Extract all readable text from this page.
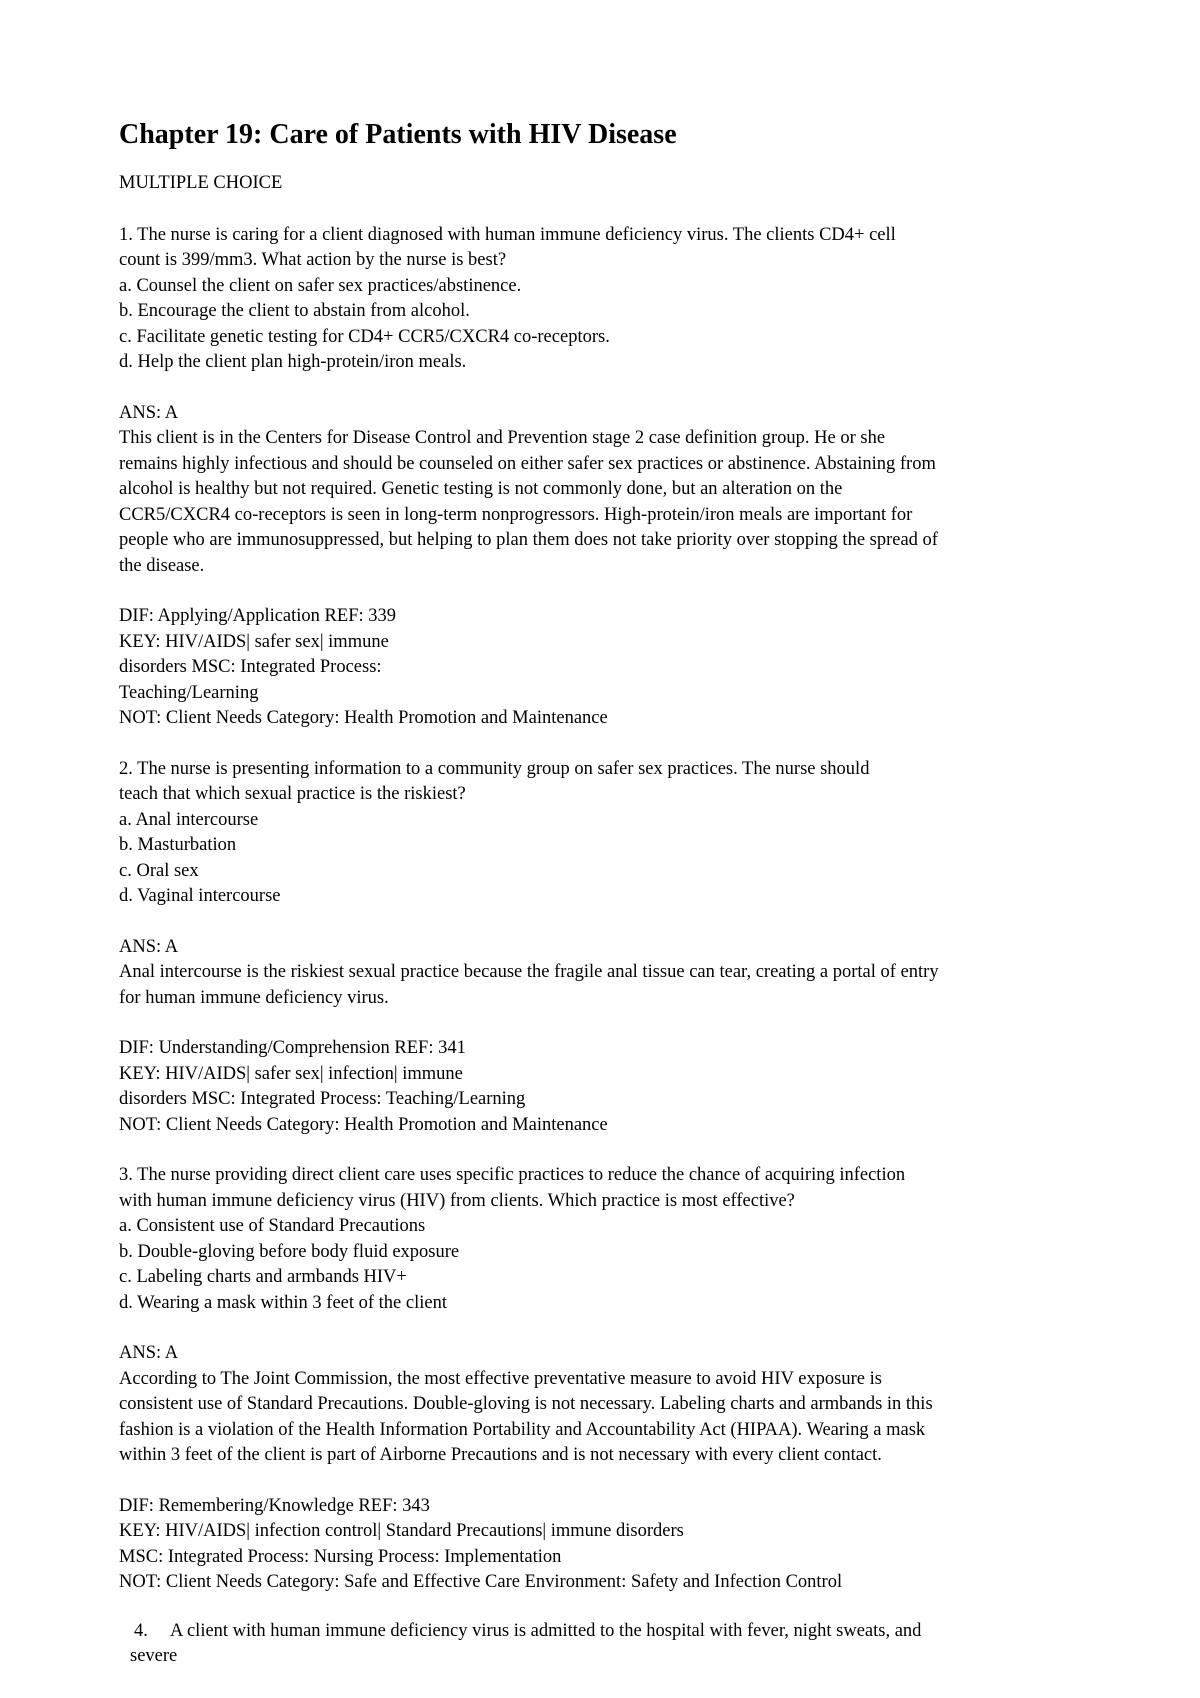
Chapter 19: Care of Patients with HIV Disease
MULTIPLE CHOICE
1. The nurse is caring for a client diagnosed with human immune deficiency virus. The clients CD4+ cell
count is 399/mm3. What action by the nurse is best?
a. Counsel the client on safer sex practices/abstinence.
b. Encourage the client to abstain from alcohol.
c. Facilitate genetic testing for CD4+ CCR5/CXCR4 co-receptors.
d. Help the client plan high-protein/iron meals.
ANS: A
This client is in the Centers for Disease Control and Prevention stage 2 case definition group. He or she
remains highly infectious and should be counseled on either safer sex practices or abstinence. Abstaining from
alcohol is healthy but not required. Genetic testing is not commonly done, but an alteration on the
CCR5/CXCR4 co-receptors is seen in long-term nonprogressors. High-protein/iron meals are important for
people who are immunosuppressed, but helping to plan them does not take priority over stopping the spread of
the disease.
DIF: Applying/Application REF: 339
KEY: HIV/AIDS| safer sex| immune
disorders MSC: Integrated Process:
Teaching/Learning
NOT: Client Needs Category: Health Promotion and Maintenance
2. The nurse is presenting information to a community group on safer sex practices. The nurse should
teach that which sexual practice is the riskiest?
a. Anal intercourse
b. Masturbation
c. Oral sex
d. Vaginal intercourse
ANS: A
Anal intercourse is the riskiest sexual practice because the fragile anal tissue can tear, creating a portal of entry
for human immune deficiency virus.
DIF: Understanding/Comprehension REF: 341
KEY: HIV/AIDS| safer sex| infection| immune
disorders MSC: Integrated Process: Teaching/Learning
NOT: Client Needs Category: Health Promotion and Maintenance
3. The nurse providing direct client care uses specific practices to reduce the chance of acquiring infection
with human immune deficiency virus (HIV) from clients. Which practice is most effective?
a. Consistent use of Standard Precautions
b. Double-gloving before body fluid exposure
c. Labeling charts and armbands HIV+
d. Wearing a mask within 3 feet of the client
ANS: A
According to The Joint Commission, the most effective preventative measure to avoid HIV exposure is
consistent use of Standard Precautions. Double-gloving is not necessary. Labeling charts and armbands in this
fashion is a violation of the Health Information Portability and Accountability Act (HIPAA). Wearing a mask
within 3 feet of the client is part of Airborne Precautions and is not necessary with every client contact.
DIF: Remembering/Knowledge REF: 343
KEY: HIV/AIDS| infection control| Standard Precautions| immune disorders
MSC: Integrated Process: Nursing Process: Implementation
NOT: Client Needs Category: Safe and Effective Care Environment: Safety and Infection Control
4. A client with human immune deficiency virus is admitted to the hospital with fever, night sweats, and
severe
